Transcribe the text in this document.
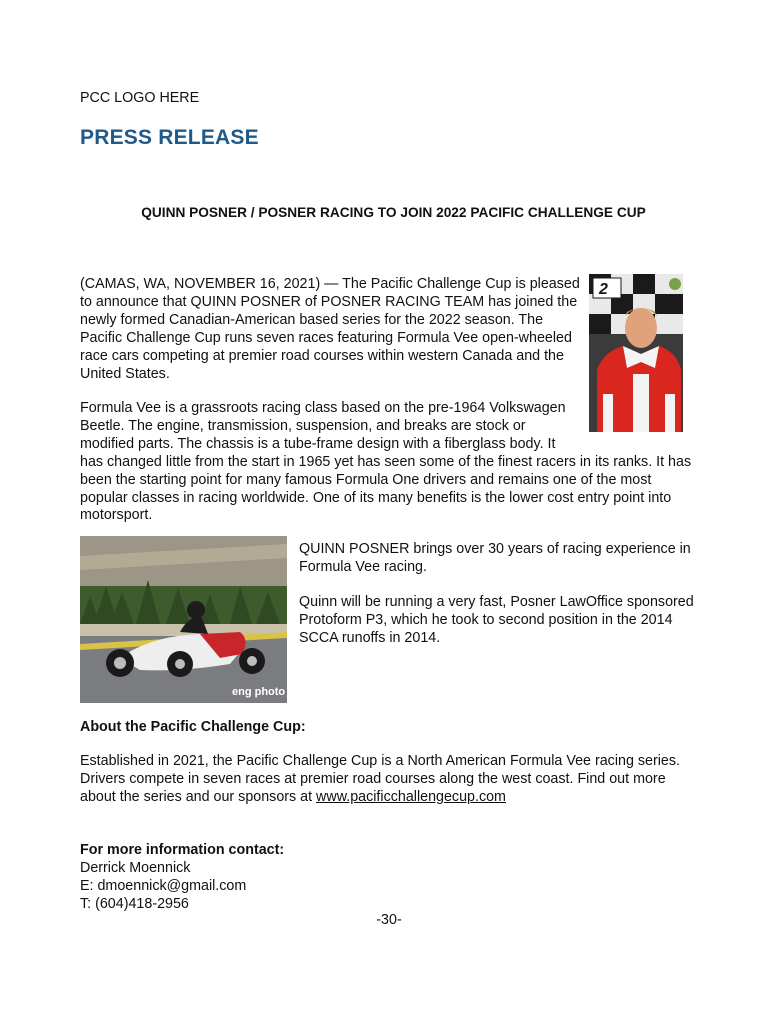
PCC LOGO HERE

PRESS RELEASE

QUINN POSNER / POSNER RACING TO JOIN 2022 PACIFIC CHALLENGE CUP

(CAMAS, WA, NOVEMBER 16, 2021) — The Pacific Challenge Cup is pleased to announce that QUINN POSNER of POSNER RACING TEAM has joined the newly formed Canadian-American based series for the 2022 season. The Pacific Challenge Cup runs seven races featuring Formula Vee open-wheeled race cars competing at premier road courses within western Canada and the United States.

2
Formula Vee is a grassroots racing class based on the pre-1964 Volkswagen
Beetle. The engine, transmission, suspension, and breaks are stock or
modified parts. The chassis is a tube-frame design with a fiberglass body. It
has changed little from the start in 1965 yet has seen some of the finest racers in its ranks. It has been the starting point for many famous Formula One drivers and remains one of the most popular classes in racing worldwide. One of its many benefits is the lower cost entry point into motorsport.
eng photo

QUINN POSNER brings over 30 years of racing experience in Formula Vee racing.

Quinn will be running a very fast, Posner LawOffice sponsored Protoform P3, which he took to second position in the 2014 SCCA runoffs in 2014.

About the Pacific Challenge Cup:

Established in 2021, the Pacific Challenge Cup is a North American Formula Vee racing series. Drivers compete in seven races at premier road courses along the west coast. Find out more about the series and our sponsors at www.pacificchallengecup.com

For more information contact:

Derrick Moennick

E: dmoennick@gmail.com

T: (604)418-2956

-30-
